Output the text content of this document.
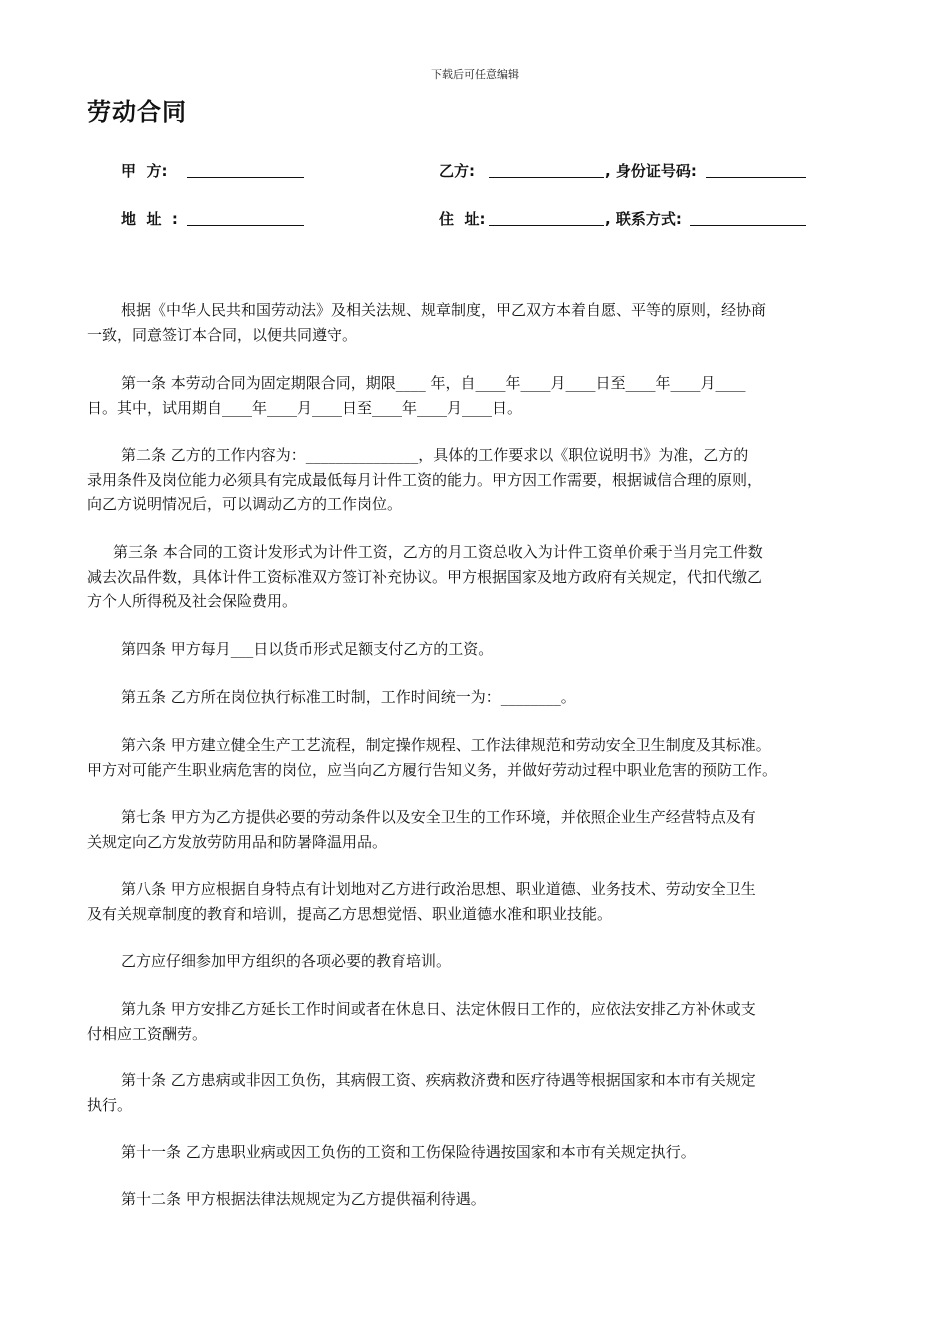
下载后可任意编辑
劳动合同
甲  方:	乙方:	, 身份证号码:
地  址  :	住  址:	, 联系方式:

根据《中华人民共和国劳动法》及相关法规、规章制度，甲乙双方本着自愿、平等的原则，经协商

一致，同意签订本合同，以便共同遵守。

第一条 本劳动合同为固定期限合同，期限____ 年，自____年____月____日至____年____月____

日。其中，试用期自____年____月____日至____年____月____日。

第二条 乙方的工作内容为：_______________，具体的工作要求以《职位说明书》为准，乙方的

录用条件及岗位能力必须具有完成最低每月计件工资的能力。甲方因工作需要，根据诚信合理的原则，

向乙方说明情况后，可以调动乙方的工作岗位。

第三条 本合同的工资计发形式为计件工资，乙方的月工资总收入为计件工资单价乘于当月完工件数

减去次品件数，具体计件工资标准双方签订补充协议。甲方根据国家及地方政府有关规定，代扣代缴乙

方个人所得税及社会保险费用。

第四条 甲方每月___日以货币形式足额支付乙方的工资。

第五条 乙方所在岗位执行标准工时制，工作时间统一为：________。

第六条 甲方建立健全生产工艺流程，制定操作规程、工作法律规范和劳动安全卫生制度及其标准。

甲方对可能产生职业病危害的岗位，应当向乙方履行告知义务，并做好劳动过程中职业危害的预防工作。

第七条 甲方为乙方提供必要的劳动条件以及安全卫生的工作环境，并依照企业生产经营特点及有

关规定向乙方发放劳防用品和防暑降温用品。

第八条 甲方应根据自身特点有计划地对乙方进行政治思想、职业道德、业务技术、劳动安全卫生

及有关规章制度的教育和培训，提高乙方思想觉悟、职业道德水准和职业技能。

乙方应仔细参加甲方组织的各项必要的教育培训。

第九条 甲方安排乙方延长工作时间或者在休息日、法定休假日工作的，应依法安排乙方补休或支

付相应工资酬劳。

第十条 乙方患病或非因工负伤，其病假工资、疾病救济费和医疗待遇等根据国家和本市有关规定

执行。

第十一条 乙方患职业病或因工负伤的工资和工伤保险待遇按国家和本市有关规定执行。

第十二条 甲方根据法律法规规定为乙方提供福利待遇。
